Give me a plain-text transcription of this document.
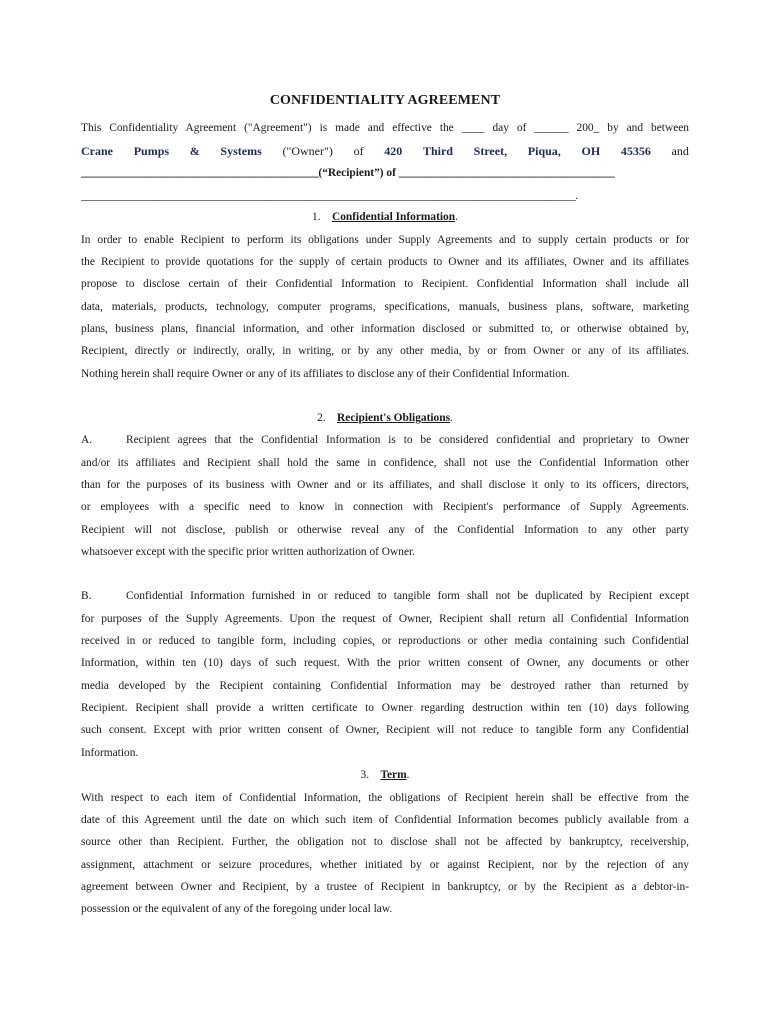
CONFIDENTIALITY AGREEMENT
This Confidentiality Agreement ("Agreement") is made and effective the ____ day of ______ 200_ by and between
Crane Pumps & Systems ("Owner") of 420 Third Street, Piqua, OH 45356 and
____________________________________________(“Recipient”) of ________________________________________
_________________________________________________________________________________________________.
1. Confidential Information.
In order to enable Recipient to perform its obligations under Supply Agreements and to supply certain products or for
the Recipient to provide quotations for the supply of certain products to Owner and its affiliates, Owner and its affiliates
propose to disclose certain of their Confidential Information to Recipient. Confidential Information shall include all
data, materials, products, technology, computer programs, specifications, manuals, business plans, software, marketing
plans, business plans, financial information, and other information disclosed or submitted to, or otherwise obtained by,
Recipient, directly or indirectly, orally, in writing, or by any other media, by or from Owner or any of its affiliates.
Nothing herein shall require Owner or any of its affiliates to disclose any of their Confidential Information.
2. Recipient's Obligations.
A.	Recipient agrees that the Confidential Information is to be considered confidential and proprietary to Owner
and/or its affiliates and Recipient shall hold the same in confidence, shall not use the Confidential Information other
than for the purposes of its business with Owner and or its affiliates, and shall disclose it only to its officers, directors,
or employees with a specific need to know in connection with Recipient's performance of Supply Agreements.
Recipient will not disclose, publish or otherwise reveal any of the Confidential Information to any other party
whatsoever except with the specific prior written authorization of Owner.
B.	Confidential Information furnished in or reduced to tangible form shall not be duplicated by Recipient except
for purposes of the Supply Agreements. Upon the request of Owner, Recipient shall return all Confidential Information
received in or reduced to tangible form, including copies, or reproductions or other media containing such Confidential
Information, within ten (10) days of such request. With the prior written consent of Owner, any documents or other
media developed by the Recipient containing Confidential Information may be destroyed rather than returned by
Recipient. Recipient shall provide a written certificate to Owner regarding destruction within ten (10) days following
such consent. Except with prior written consent of Owner, Recipient will not reduce to tangible form any Confidential
Information.
3. Term.
With respect to each item of Confidential Information, the obligations of Recipient herein shall be effective from the
date of this Agreement until the date on which such item of Confidential Information becomes publicly available from a
source other than Recipient. Further, the obligation not to disclose shall not be affected by bankruptcy, receivership,
assignment, attachment or seizure procedures, whether initiated by or against Recipient, nor by the rejection of any
agreement between Owner and Recipient, by a trustee of Recipient in bankruptcy, or by the Recipient as a debtor-in-
possession or the equivalent of any of the foregoing under local law.
